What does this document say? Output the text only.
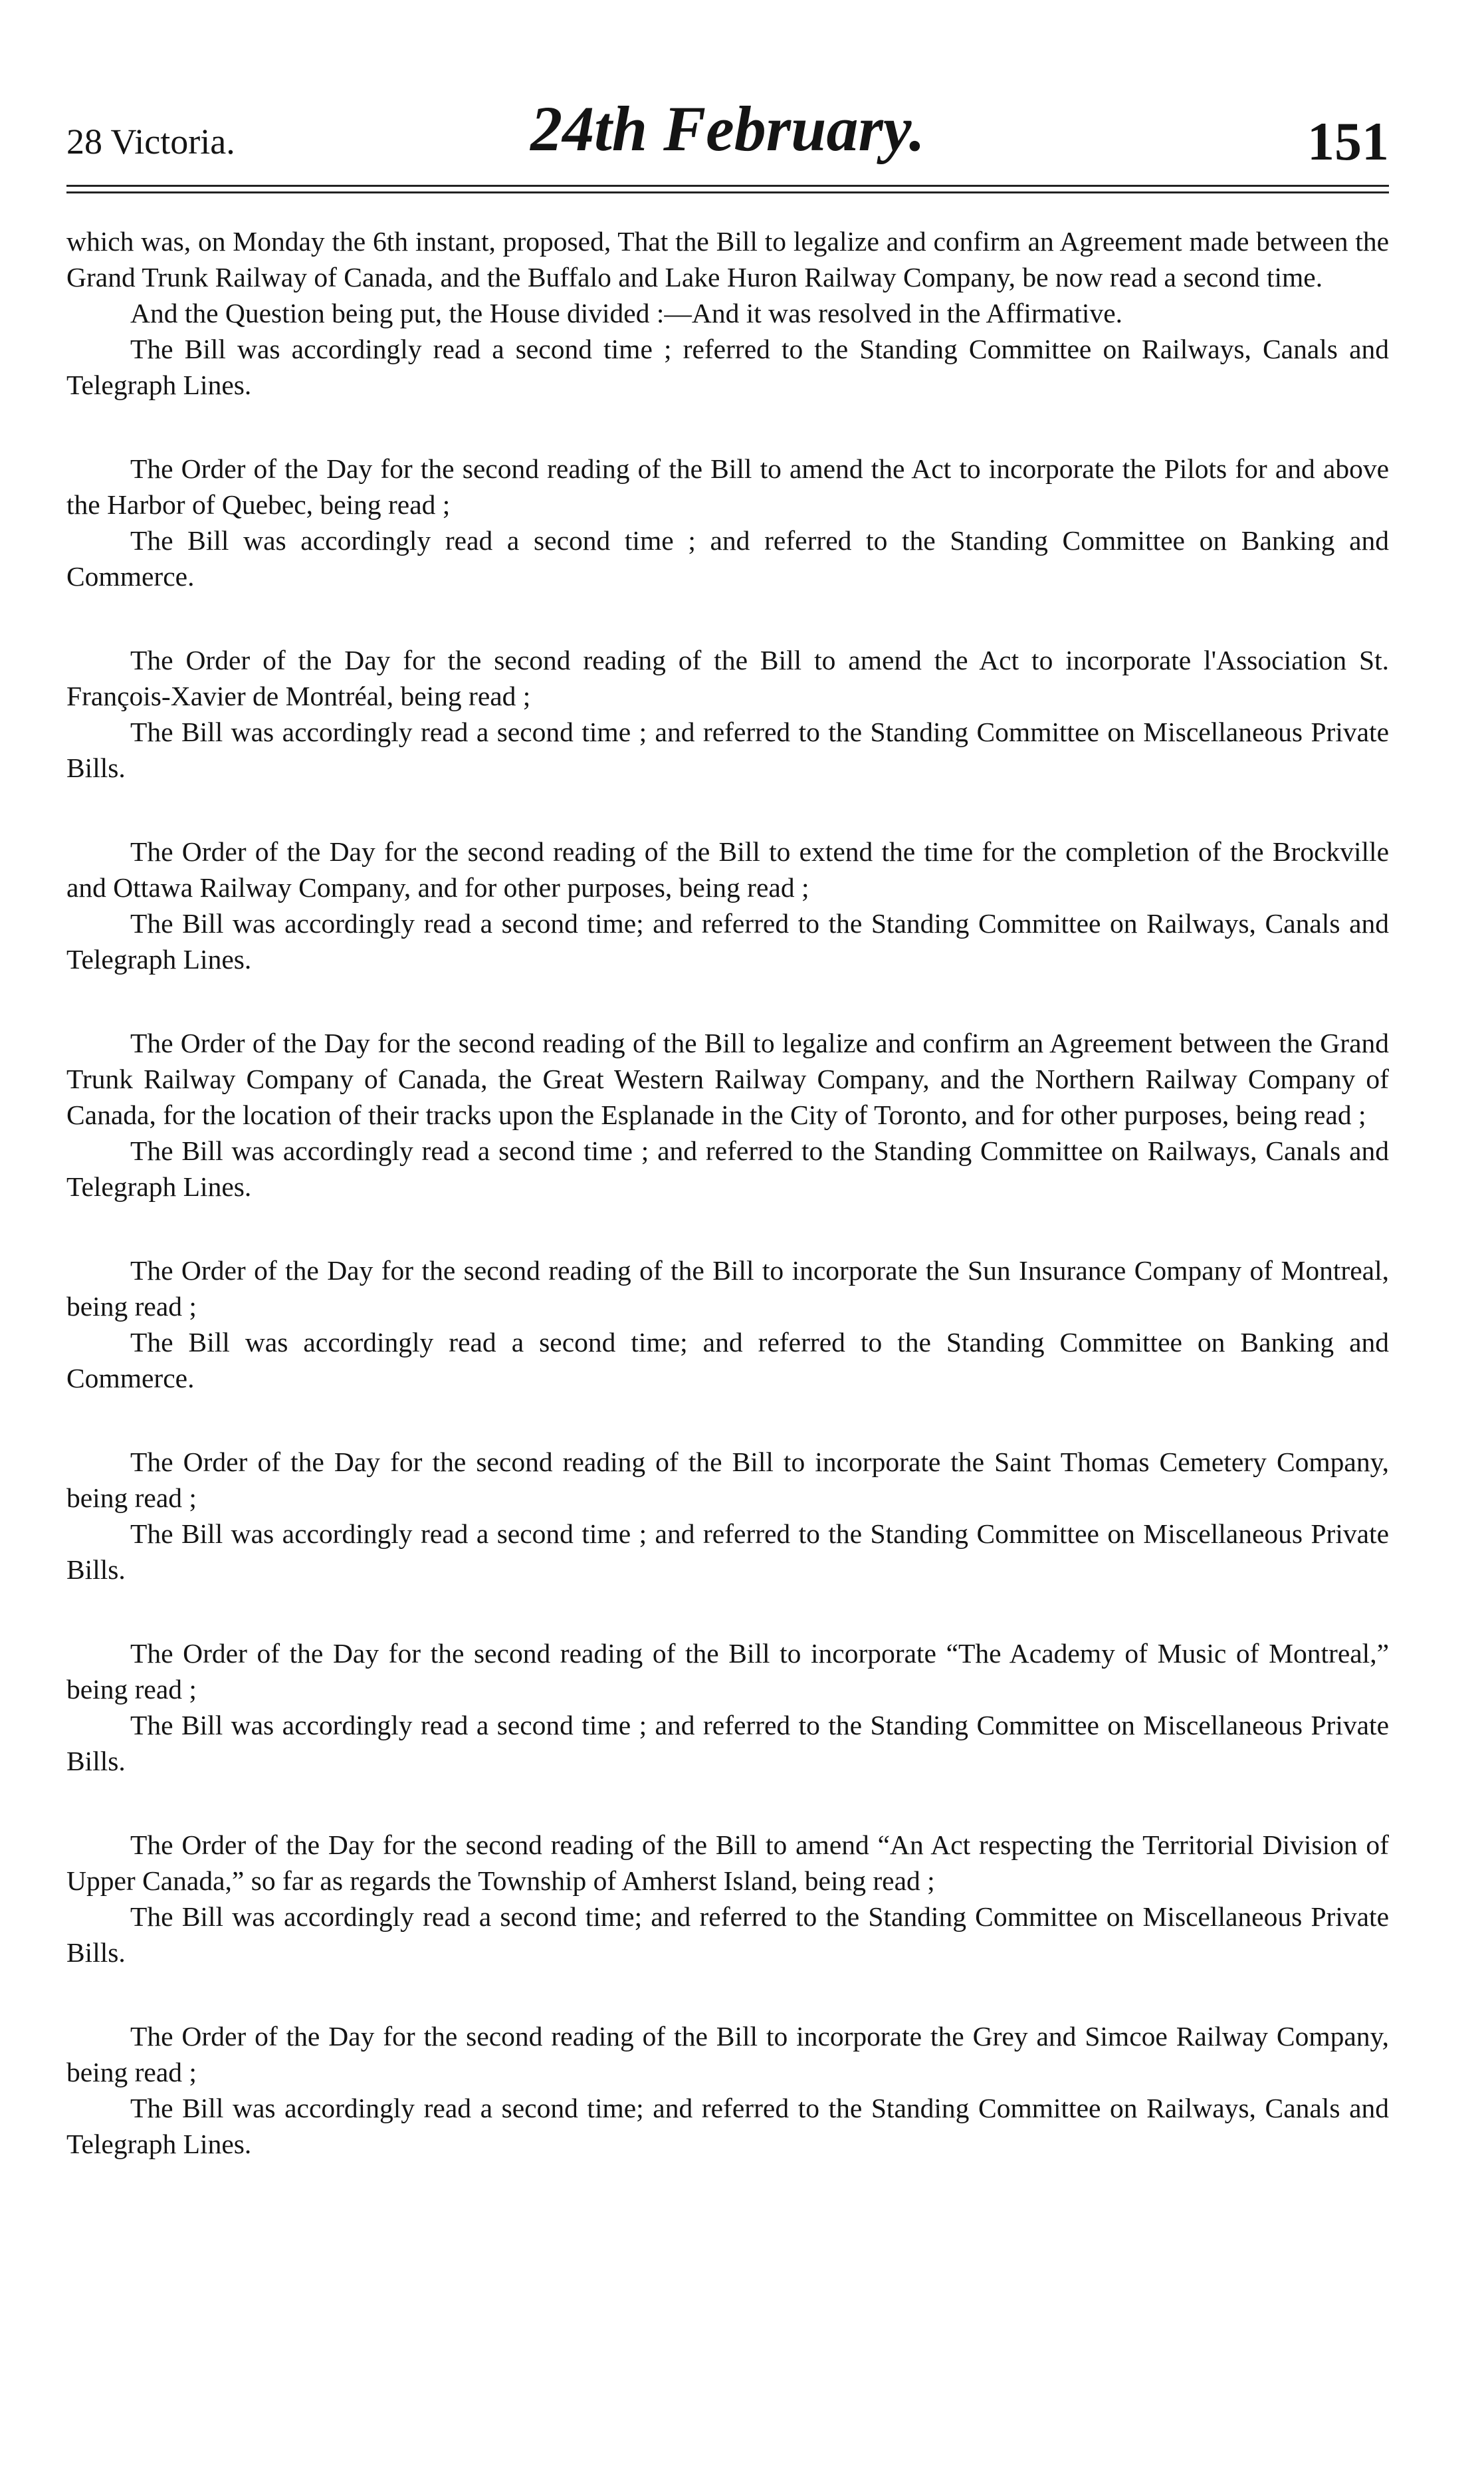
28 Victoria.	24th February.	151

which was, on Monday the 6th instant, proposed, That the Bill to legalize and confirm an Agreement made between the Grand Trunk Railway of Canada, and the Buffalo and Lake Huron Railway Company, be now read a second time.

And the Question being put, the House divided :—And it was resolved in the Affirmative.

The Bill was accordingly read a second time ; referred to the Standing Committee on Railways, Canals and Telegraph Lines.

The Order of the Day for the second reading of the Bill to amend the Act to incorporate the Pilots for and above the Harbor of Quebec, being read ;

The Bill was accordingly read a second time ; and referred to the Standing Committee on Banking and Commerce.

The Order of the Day for the second reading of the Bill to amend the Act to incorporate l'Association St. François-Xavier de Montréal, being read ;

The Bill was accordingly read a second time ; and referred to the Standing Committee on Miscellaneous Private Bills.

The Order of the Day for the second reading of the Bill to extend the time for the completion of the Brockville and Ottawa Railway Company, and for other purposes, being read ;

The Bill was accordingly read a second time; and referred to the Standing Committee on Railways, Canals and Telegraph Lines.

The Order of the Day for the second reading of the Bill to legalize and confirm an Agreement between the Grand Trunk Railway Company of Canada, the Great Western Railway Company, and the Northern Railway Company of Canada, for the location of their tracks upon the Esplanade in the City of Toronto, and for other purposes, being read ;

The Bill was accordingly read a second time ; and referred to the Standing Committee on Railways, Canals and Telegraph Lines.

The Order of the Day for the second reading of the Bill to incorporate the Sun Insurance Company of Montreal, being read ;

The Bill was accordingly read a second time; and referred to the Standing Committee on Banking and Commerce.

The Order of the Day for the second reading of the Bill to incorporate the Saint Thomas Cemetery Company, being read ;

The Bill was accordingly read a second time ; and referred to the Standing Committee on Miscellaneous Private Bills.

The Order of the Day for the second reading of the Bill to incorporate “The Academy of Music of Montreal,” being read ;

The Bill was accordingly read a second time ; and referred to the Standing Committee on Miscellaneous Private Bills.

The Order of the Day for the second reading of the Bill to amend “An Act respecting the Territorial Division of Upper Canada,” so far as regards the Township of Amherst Island, being read ;

The Bill was accordingly read a second time; and referred to the Standing Committee on Miscellaneous Private Bills.

The Order of the Day for the second reading of the Bill to incorporate the Grey and Simcoe Railway Company, being read ;

The Bill was accordingly read a second time; and referred to the Standing Committee on Railways, Canals and Telegraph Lines.
